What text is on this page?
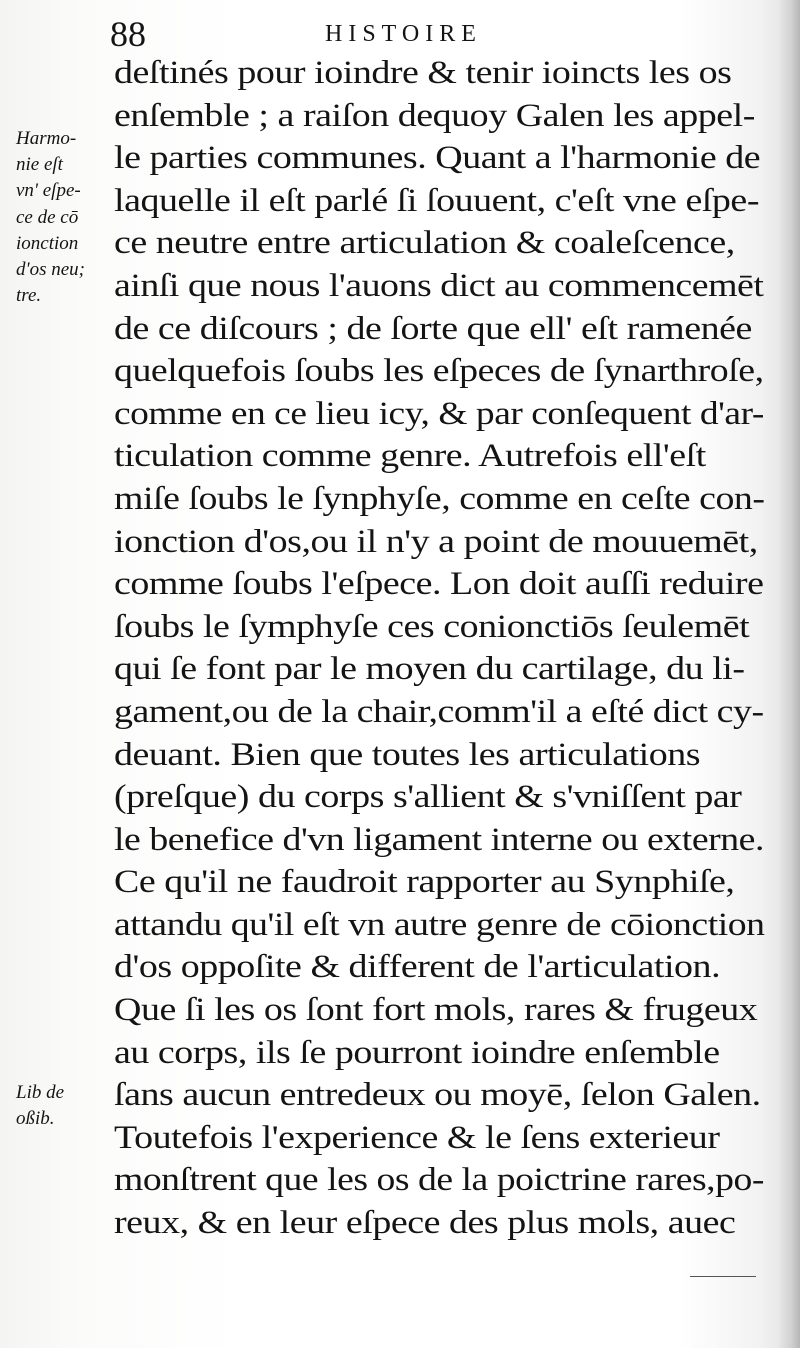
88	HISTOIRE
Harmo-
nie eſt
vn' eſpe-
ce de cō
ionction
d'os neu;
tre.
Lib de
oßib.
deſtinés pour ioindre & tenir ioincts les os
enſemble ; a raiſon dequoy Galen les appel-
le parties communes. Quant a l'harmonie de
laquelle il eſt parlé ſi ſouuent, c'eſt vne eſpe-
ce neutre entre articulation & coaleſcence,
ainſi que nous l'auons dict au commencemēt
de ce diſcours ; de ſorte que ell' eſt ramenée
quelquefois ſoubs les eſpeces de ſynarthroſe,
comme en ce lieu icy, & par conſequent d'ar-
ticulation comme genre. Autrefois ell'eſt
miſe ſoubs le ſynphyſe, comme en ceſte con-
ionction d'os,ou il n'y a point de mouuemēt,
comme ſoubs l'eſpece. Lon doit auſſi reduire
ſoubs le ſymphyſe ces conionctiōs ſeulemēt
qui ſe font par le moyen du cartilage, du li-
gament,ou de la chair,comm'il a eſté dict cy-
deuant. Bien que toutes les articulations
(preſque) du corps s'allient & s'vniſſent par
le benefice d'vn ligament interne ou externe.
Ce qu'il ne faudroit rapporter au Synphiſe,
attandu qu'il eſt vn autre genre de cōionction
d'os oppoſite & different de l'articulation.
Que ſi les os ſont fort mols, rares & frugeux
au corps, ils ſe pourront ioindre enſemble
ſans aucun entredeux ou moyē, ſelon Galen.
Toutefois l'experience & le ſens exterieur
monſtrent que les os de la poictrine rares,po-
reux, & en leur eſpece des plus mols, auec
